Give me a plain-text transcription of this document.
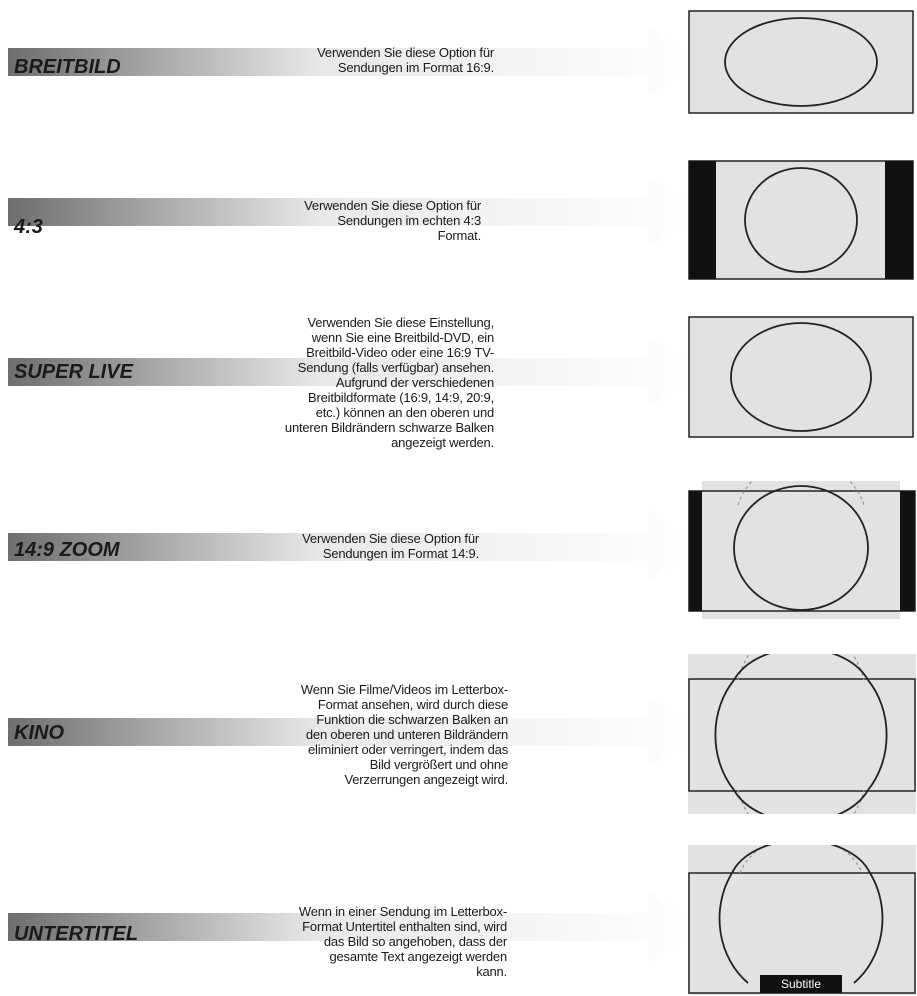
BREITBILD
Verwenden Sie diese Option für
Sendungen im Format 16:9.
4:3
Verwenden Sie diese Option für
Sendungen im echten 4:3
Format.
SUPER LIVE
Verwenden Sie diese Einstellung,
wenn Sie eine Breitbild-DVD, ein
Breitbild-Video oder eine 16:9 TV-
Sendung (falls verfügbar) ansehen.
Aufgrund der verschiedenen
Breitbildformate (16:9, 14:9, 20:9,
etc.) können an den oberen und
unteren Bildrändern schwarze Balken
angezeigt werden.
14:9 ZOOM
Verwenden Sie diese Option für
Sendungen im Format 14:9.
KINO
Wenn Sie Filme/Videos im Letterbox-
Format ansehen, wird durch diese
Funktion die schwarzen Balken an
den oberen und unteren Bildrändern
eliminiert oder verringert, indem das
Bild vergrößert und ohne
Verzerrungen angezeigt wird.
UNTERTITEL
Wenn in einer Sendung im Letterbox-
Format Untertitel enthalten sind, wird
das Bild so angehoben, dass der
gesamte Text angezeigt werden
kann.
Subtitle
